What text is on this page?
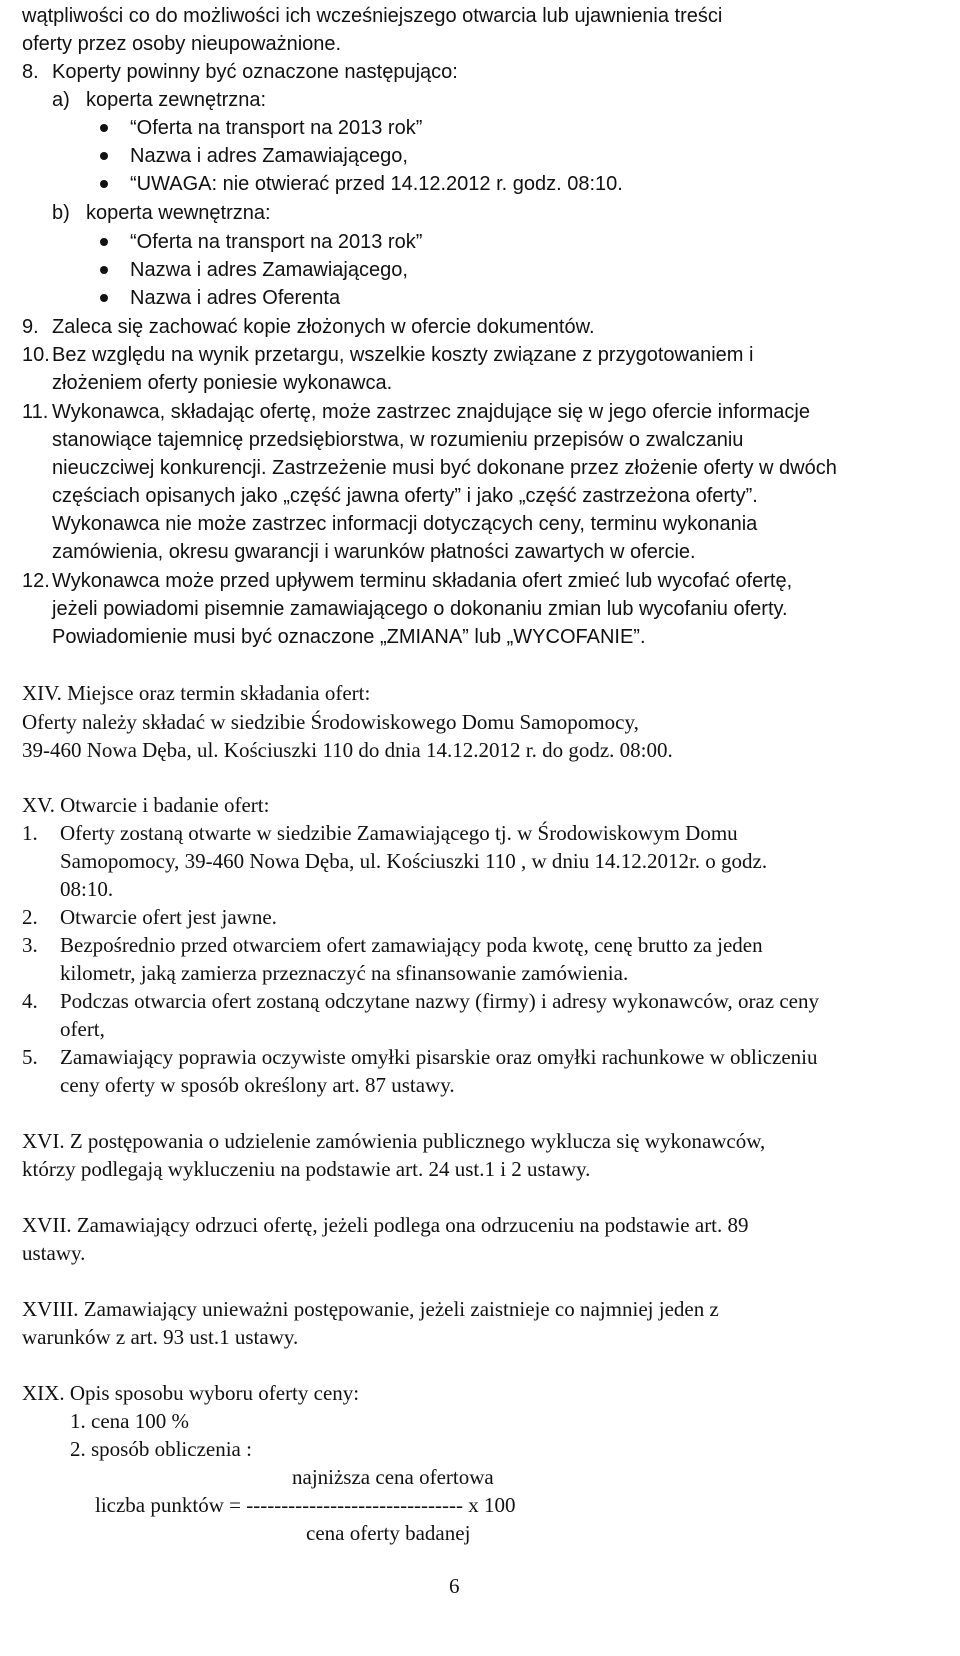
wątpliwości co do możliwości ich wcześniejszego otwarcia lub ujawnienia treści
oferty przez osoby nieupoważnione.
8. Koperty powinny być oznaczone następująco:
a) koperta zewnętrzna:
“Oferta na transport na 2013 rok”
Nazwa i adres Zamawiającego,
“UWAGA: nie otwierać przed 14.12.2012 r. godz. 08:10.
b) koperta wewnętrzna:
“Oferta na transport na 2013 rok”
Nazwa i adres Zamawiającego,
Nazwa i adres Oferenta
9. Zaleca się zachować kopie złożonych w ofercie dokumentów.
10. Bez względu na wynik przetargu, wszelkie koszty związane z przygotowaniem i
złożeniem oferty poniesie wykonawca.
11. Wykonawca, składając ofertę, może zastrzec znajdujące się w jego ofercie informacje
stanowiące tajemnicę przedsiębiorstwa, w rozumieniu przepisów o zwalczaniu
nieuczciwej konkurencji. Zastrzeżenie musi być dokonane przez złożenie oferty w dwóch
częściach opisanych jako „część jawna oferty” i jako „część zastrzeżona oferty”.
Wykonawca nie może zastrzec informacji dotyczących ceny, terminu wykonania
zamówienia, okresu gwarancji i warunków płatności zawartych w ofercie.
12. Wykonawca może przed upływem terminu składania ofert zmieć lub wycofać ofertę,
jeżeli powiadomi pisemnie zamawiającego o dokonaniu zmian lub wycofaniu oferty.
Powiadomienie musi być oznaczone „ZMIANA” lub „WYCOFANIE”.
XIV. Miejsce oraz termin składania ofert:
Oferty należy składać w siedzibie Środowiskowego Domu Samopomocy,
39-460 Nowa Dęba, ul. Kościuszki 110 do dnia 14.12.2012 r. do godz. 08:00.
XV. Otwarcie i badanie ofert:
1. Oferty zostaną otwarte w siedzibie Zamawiającego tj. w Środowiskowym Domu
Samopomocy, 39-460 Nowa Dęba, ul. Kościuszki 110 , w dniu 14.12.2012r. o godz.
08:10.
2. Otwarcie ofert jest jawne.
3. Bezpośrednio przed otwarciem ofert zamawiający poda kwotę, cenę brutto za jeden
kilometr, jaką zamierza przeznaczyć na sfinansowanie zamówienia.
4. Podczas otwarcia ofert zostaną odczytane nazwy (firmy) i adresy wykonawców, oraz ceny
ofert,
5. Zamawiający poprawia oczywiste omyłki pisarskie oraz omyłki rachunkowe w obliczeniu
ceny oferty w sposób określony art. 87 ustawy.
XVI. Z postępowania o udzielenie zamówienia publicznego wyklucza się wykonawców,
którzy podlegają wykluczeniu na podstawie art. 24 ust.1 i 2 ustawy.
XVII. Zamawiający odrzuci ofertę, jeżeli podlega ona odrzuceniu na podstawie art. 89
ustawy.
XVIII. Zamawiający unieważni postępowanie, jeżeli zaistnieje co najmniej jeden z
warunków z art. 93 ust.1 ustawy.
XIX. Opis sposobu wyboru oferty ceny:
1. cena 100 %
2. sposób obliczenia :
najniższa cena ofertowa
liczba punktów = ------------------------------- x 100
cena oferty badanej
6
